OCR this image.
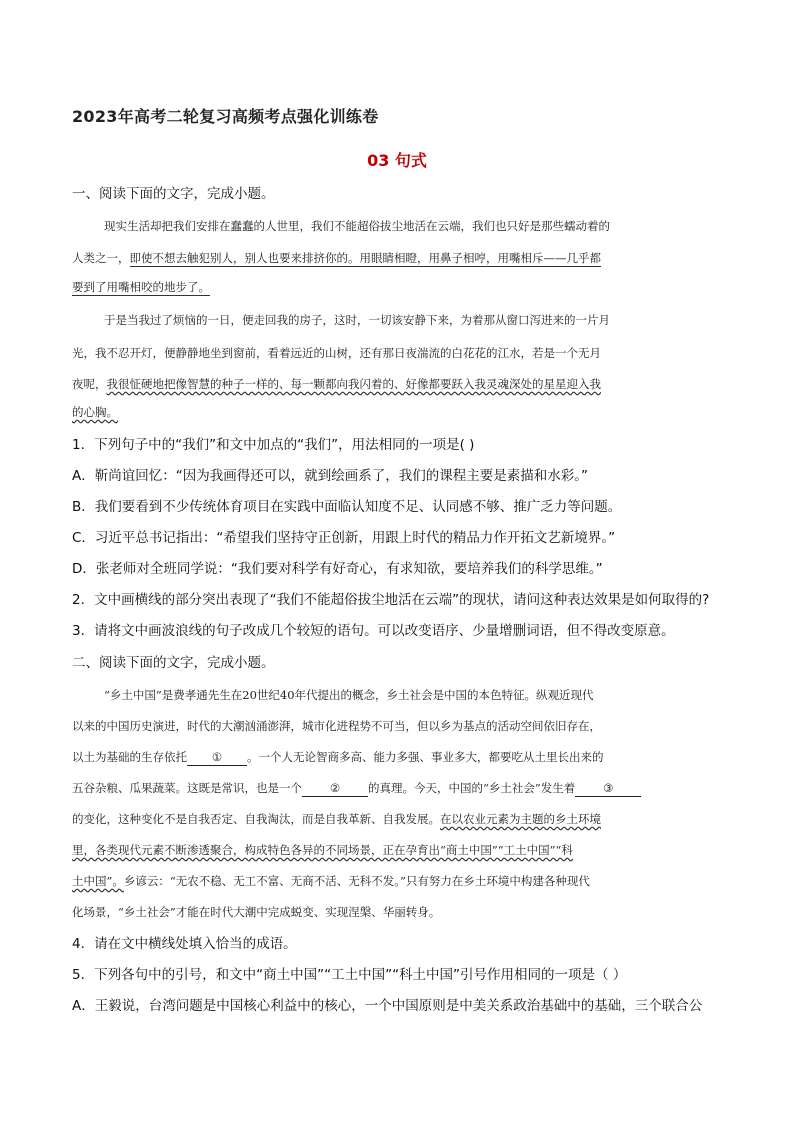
2023年高考二轮复习高频考点强化训练卷
03 句式
一、阅读下面的文字，完成小题。
现实生活却把我们安排在蠢蠢的人世里，我们不能超俗拔尘地活在云端，我们也只好是那些蠕动着的
人类之一，即使不想去触犯别人，别人也要来排挤你的。用眼睛相瞪，用鼻子相哼，用嘴相斥——几乎都
要到了用嘴相咬的地步了。
于是当我过了烦恼的一日，便走回我的房子，这时，一切该安静下来，为着那从窗口泻进来的一片月
光，我不忍开灯，便静静地坐到窗前，看着远近的山树，还有那日夜湍流的白花花的江水，若是一个无月
夜呢，我很怔硬地把像智慧的种子一样的、每一颗都向我闪着的、好像都要跃入我灵魂深处的星星迎入我
的心胸。
1．下列句子中的“我们”和文中加点的“我们”，用法相同的一项是( )
A．靳尚谊回忆：“因为我画得还可以，就到绘画系了，我们的课程主要是素描和水彩。”
B．我们要看到不少传统体育项目在实践中面临认知度不足、认同感不够、推广乏力等问题。
C．习近平总书记指出：“希望我们坚持守正创新，用跟上时代的精品力作开拓文艺新境界。”
D．张老师对全班同学说：“我们要对科学有好奇心，有求知欲，要培养我们的科学思维。”
2．文中画横线的部分突出表现了“我们不能超俗拔尘地活在云端”的现状，请问这种表达效果是如何取得的?
3．请将文中画波浪线的句子改成几个较短的语句。可以改变语序、少量增删词语，但不得改变原意。
二、阅读下面的文字，完成小题。
“乡土中国”是费孝通先生在20世纪40年代提出的概念，乡土社会是中国的本色特征。纵观近现代
以来的中国历史演进，时代的大潮汹涌澎湃，城市化进程势不可当，但以乡为基点的活动空间依旧存在，
以土为基础的生存依托 ① 。一个人无论智商多高、能力多强、事业多大，都要吃从土里长出来的
五谷杂粮、瓜果蔬菜。这既是常识，也是一个 ② 的真理。今天，中国的“乡土社会”发生着 ③
的变化，这种变化不是自我否定、自我淘汰，而是自我革新、自我发展。在以农业元素为主题的乡土环境
里，各类现代元素不断渗透聚合，构成特色各异的不同场景，正在孕育出“商土中国”“工土中国”“科
土中国”。乡谚云：“无农不稳、无工不富、无商不活、无科不发。”只有努力在乡土环境中构建各种现代
化场景，“乡土社会”才能在时代大潮中完成蜕变、实现涅槃、华丽转身。
4．请在文中横线处填入恰当的成语。
5．下列各句中的引号，和文中“商土中国”“工土中国”“科土中国”引号作用相同的一项是（ ）
A．王毅说，台湾问题是中国核心利益中的核心，一个中国原则是中美关系政治基础中的基础，三个联合公
